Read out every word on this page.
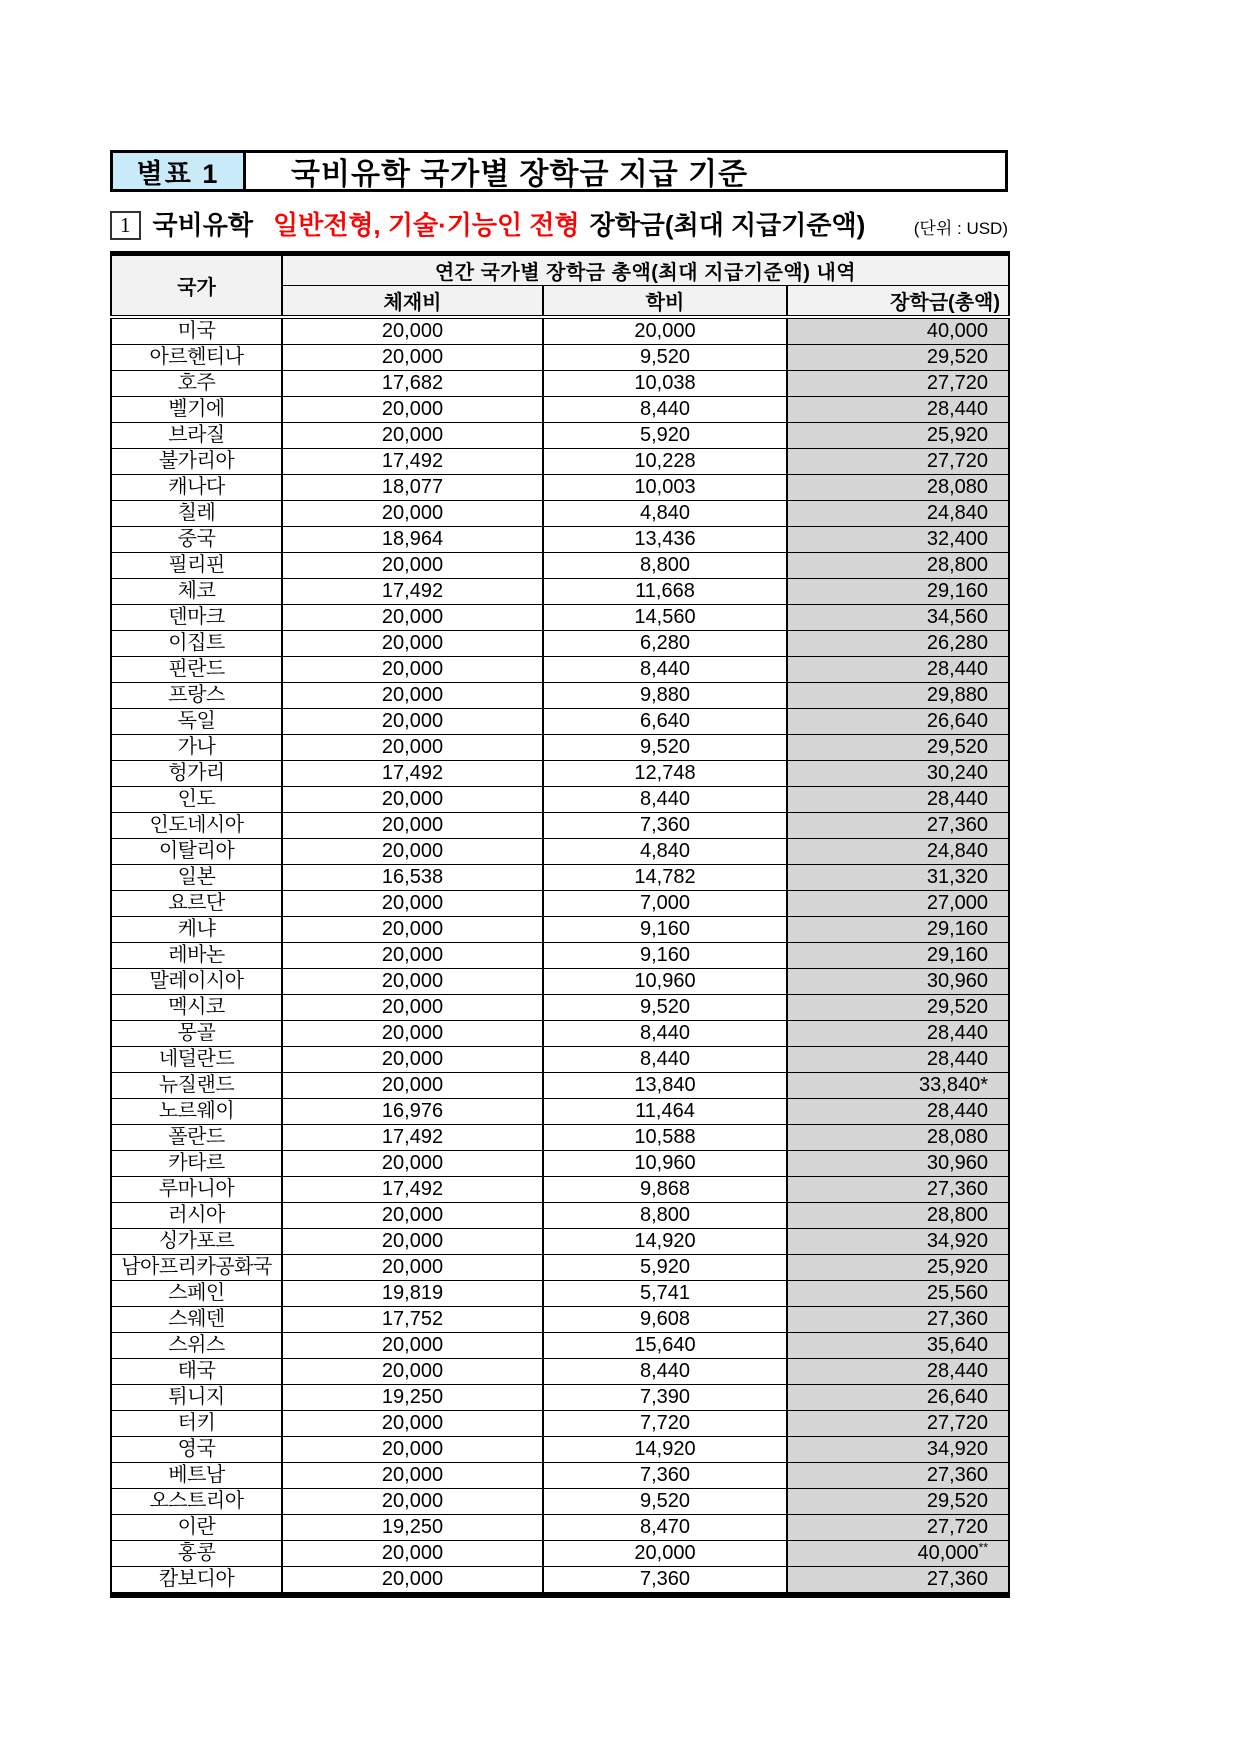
별표 1	국비유학 국가별 장학금 지급 기준
1 국비유학 일반전형, 기술·기능인 전형 장학금(최대 지급기준액)	(단위 : USD)
국가	연간 국가별 장학금 총액(최대 지급기준액) 내역		
	체재비	학비	장학금(총액)
미국	20,000	20,000	40,000
아르헨티나	20,000	9,520	29,520
호주	17,682	10,038	27,720
벨기에	20,000	8,440	28,440
브라질	20,000	5,920	25,920
불가리아	17,492	10,228	27,720
캐나다	18,077	10,003	28,080
칠레	20,000	4,840	24,840
중국	18,964	13,436	32,400
필리핀	20,000	8,800	28,800
체코	17,492	11,668	29,160
덴마크	20,000	14,560	34,560
이집트	20,000	6,280	26,280
핀란드	20,000	8,440	28,440
프랑스	20,000	9,880	29,880
독일	20,000	6,640	26,640
가나	20,000	9,520	29,520
헝가리	17,492	12,748	30,240
인도	20,000	8,440	28,440
인도네시아	20,000	7,360	27,360
이탈리아	20,000	4,840	24,840
일본	16,538	14,782	31,320
요르단	20,000	7,000	27,000
케냐	20,000	9,160	29,160
레바논	20,000	9,160	29,160
말레이시아	20,000	10,960	30,960
멕시코	20,000	9,520	29,520
몽골	20,000	8,440	28,440
네덜란드	20,000	8,440	28,440
뉴질랜드	20,000	13,840	33,840*
노르웨이	16,976	11,464	28,440
폴란드	17,492	10,588	28,080
카타르	20,000	10,960	30,960
루마니아	17,492	9,868	27,360
러시아	20,000	8,800	28,800
싱가포르	20,000	14,920	34,920
남아프리카공화국	20,000	5,920	25,920
스페인	19,819	5,741	25,560
스웨덴	17,752	9,608	27,360
스위스	20,000	15,640	35,640
태국	20,000	8,440	28,440
튀니지	19,250	7,390	26,640
터키	20,000	7,720	27,720
영국	20,000	14,920	34,920
베트남	20,000	7,360	27,360
오스트리아	20,000	9,520	29,520
이란	19,250	8,470	27,720
홍콩	20,000	20,000	40,000**
캄보디아	20,000	7,360	27,360
